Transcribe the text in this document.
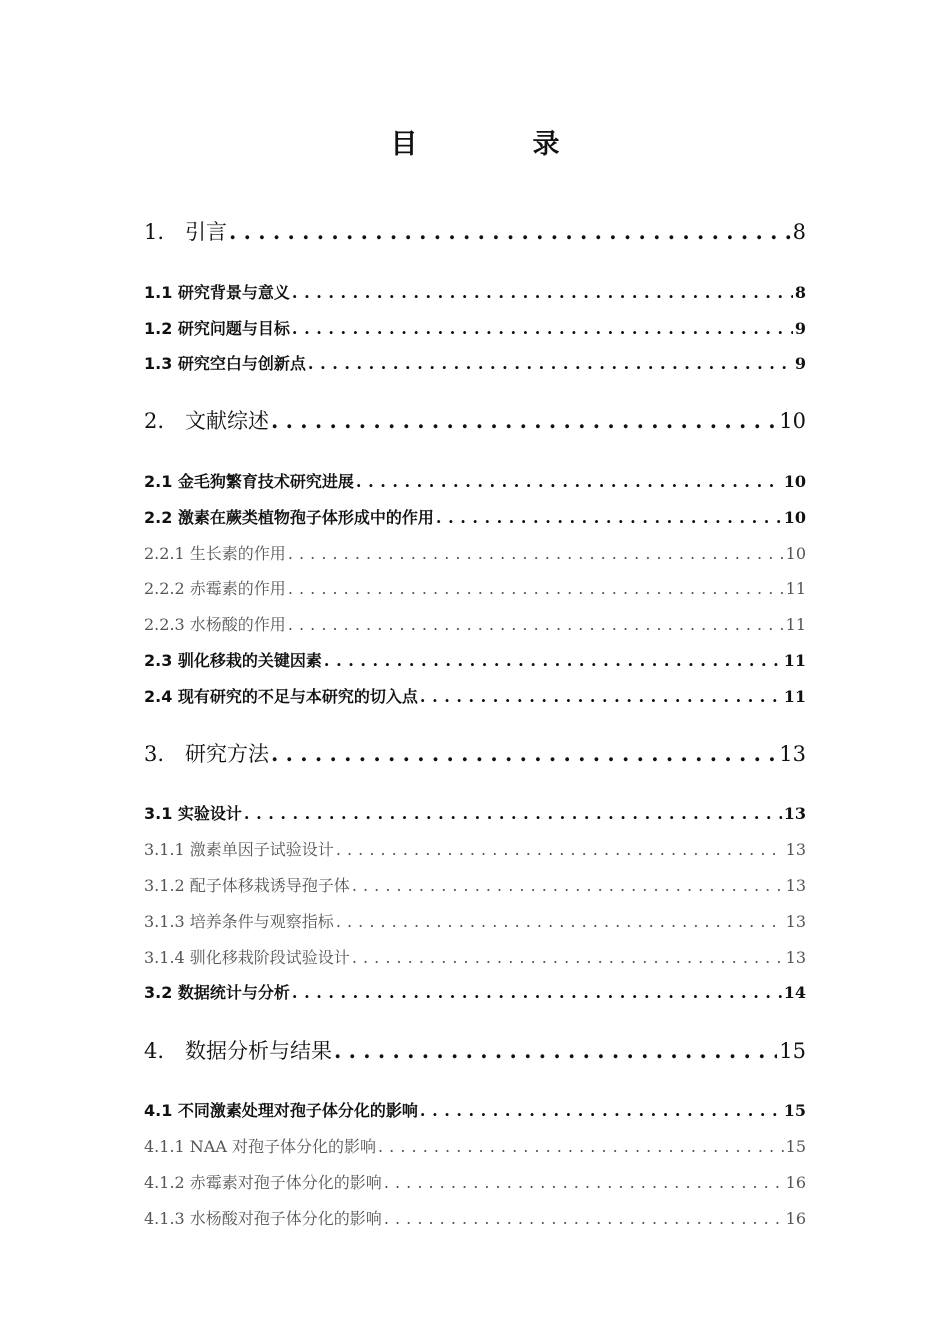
目　录
1.　引言 . . .	8
1.1 研究背景与意义 . . .	8
1.2 研究问题与目标 . . .	9
1.3 研究空白与创新点 . . .	9
2.　文献综述 . . .	10
2.1 金毛狗繁育技术研究进展 . . .	10
2.2 激素在蕨类植物孢子体形成中的作用 . . .	10
2.2.1 生长素的作用 . . .	10
2.2.2 赤霉素的作用 . . .	11
2.2.3 水杨酸的作用 . . .	11
2.3 驯化移栽的关键因素 . . .	11
2.4 现有研究的不足与本研究的切入点 . . .	11
3.　研究方法 . . .	13
3.1 实验设计 . . .	13
3.1.1 激素单因子试验设计 . . .	13
3.1.2 配子体移栽诱导孢子体 . . .	13
3.1.3 培养条件与观察指标 . . .	13
3.1.4 驯化移栽阶段试验设计 . . .	13
3.2 数据统计与分析 . . .	14
4.　数据分析与结果 . . .	15
4.1 不同激素处理对孢子体分化的影响 . . .	15
4.1.1 NAA 对孢子体分化的影响 . . .	15
4.1.2 赤霉素对孢子体分化的影响 . . .	16
4.1.3 水杨酸对孢子体分化的影响 . . .	16
